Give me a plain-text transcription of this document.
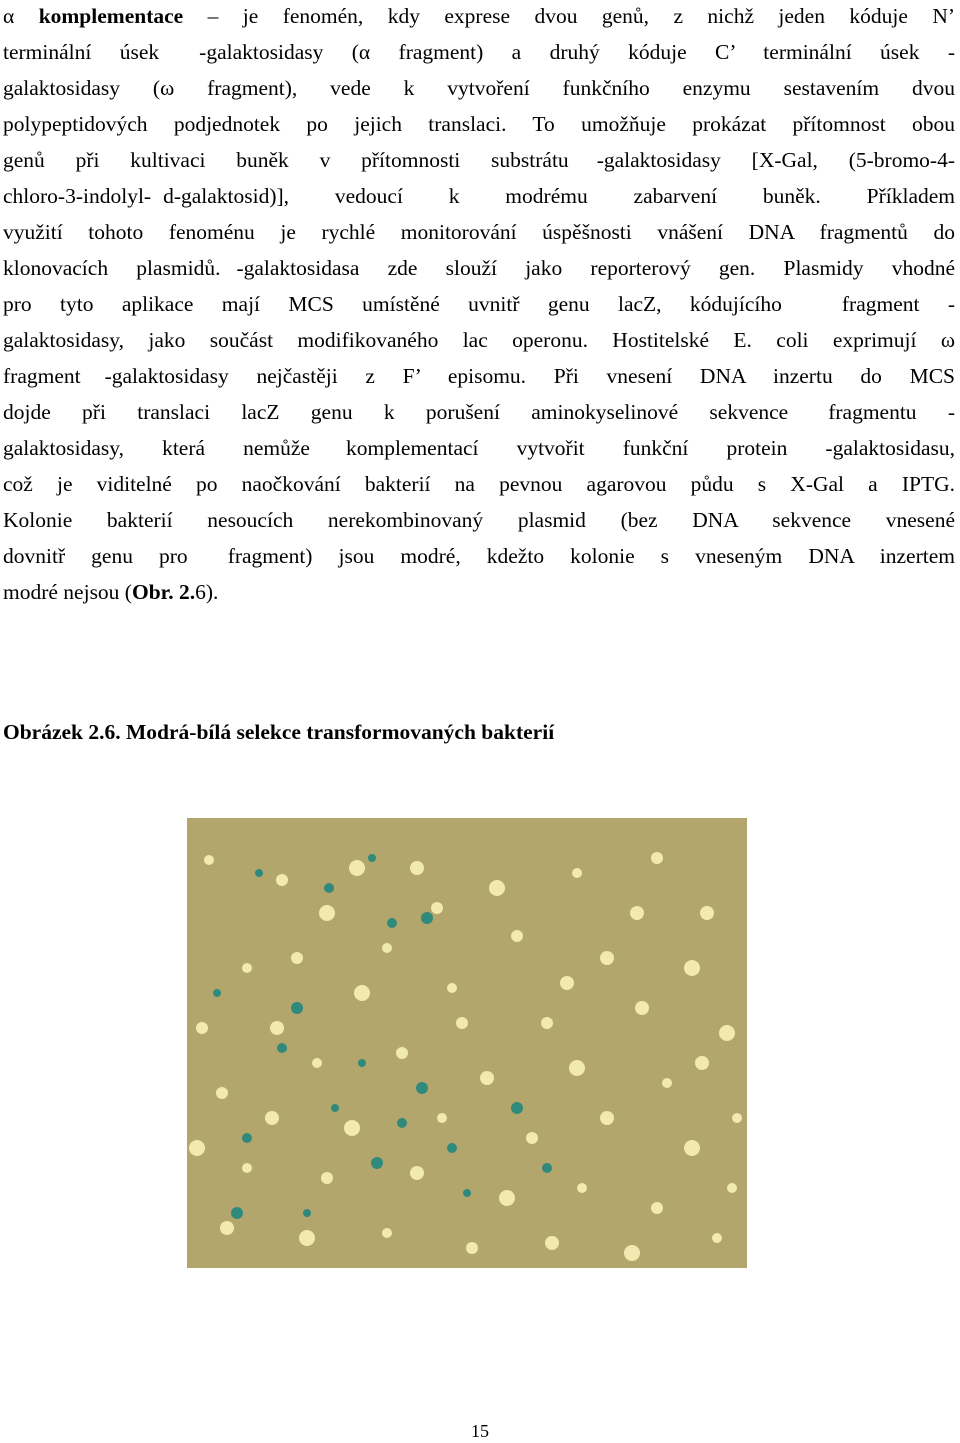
α komplementace – je fenomén, kdy exprese dvou genů, z nichž jeden kóduje N’
terminální úsek -galaktosidasy (α fragment) a druhý kóduje C’ terminální úsek -
galaktosidasy (ω fragment), vede k vytvoření funkčního enzymu sestavením dvou
polypeptidových podjednotek po jejich translaci. To umožňuje prokázat přítomnost obou
genů při kultivaci buněk v přítomnosti substrátu -galaktosidasy [X-Gal, (5-bromo-4-
chloro-3-indolyl- d-galaktosid)], vedoucí k modrému zabarvení buněk. Příkladem
využití tohoto fenoménu je rychlé monitorování úspěšnosti vnášení DNA fragmentů do
klonovacích plasmidů. -galaktosidasa zde slouží jako reporterový gen. Plasmidy vhodné
pro tyto aplikace mají MCS umístěné uvnitř genu lacZ, kódujícího	fragment -
galaktosidasy, jako součást modifikovaného lac operonu. Hostitelské E. coli exprimují ω
fragment -galaktosidasy nejčastěji z F’ episomu. Při vnesení DNA inzertu do MCS
dojde při translaci lacZ genu k porušení aminokyselinové sekvence fragmentu -
galaktosidasy, která nemůže komplementací vytvořit funkční protein -galaktosidasu,
což je viditelné po naočkování bakterií na pevnou agarovou půdu s X-Gal a IPTG.
Kolonie bakterií nesoucích nerekombinovaný plasmid (bez DNA sekvence vnesené
dovnitř genu pro fragment) jsou modré, kdežto kolonie s vneseným DNA inzertem
modré nejsou (Obr. 2.6).
Obrázek 2.6. Modrá-bílá selekce transformovaných bakterií
15
